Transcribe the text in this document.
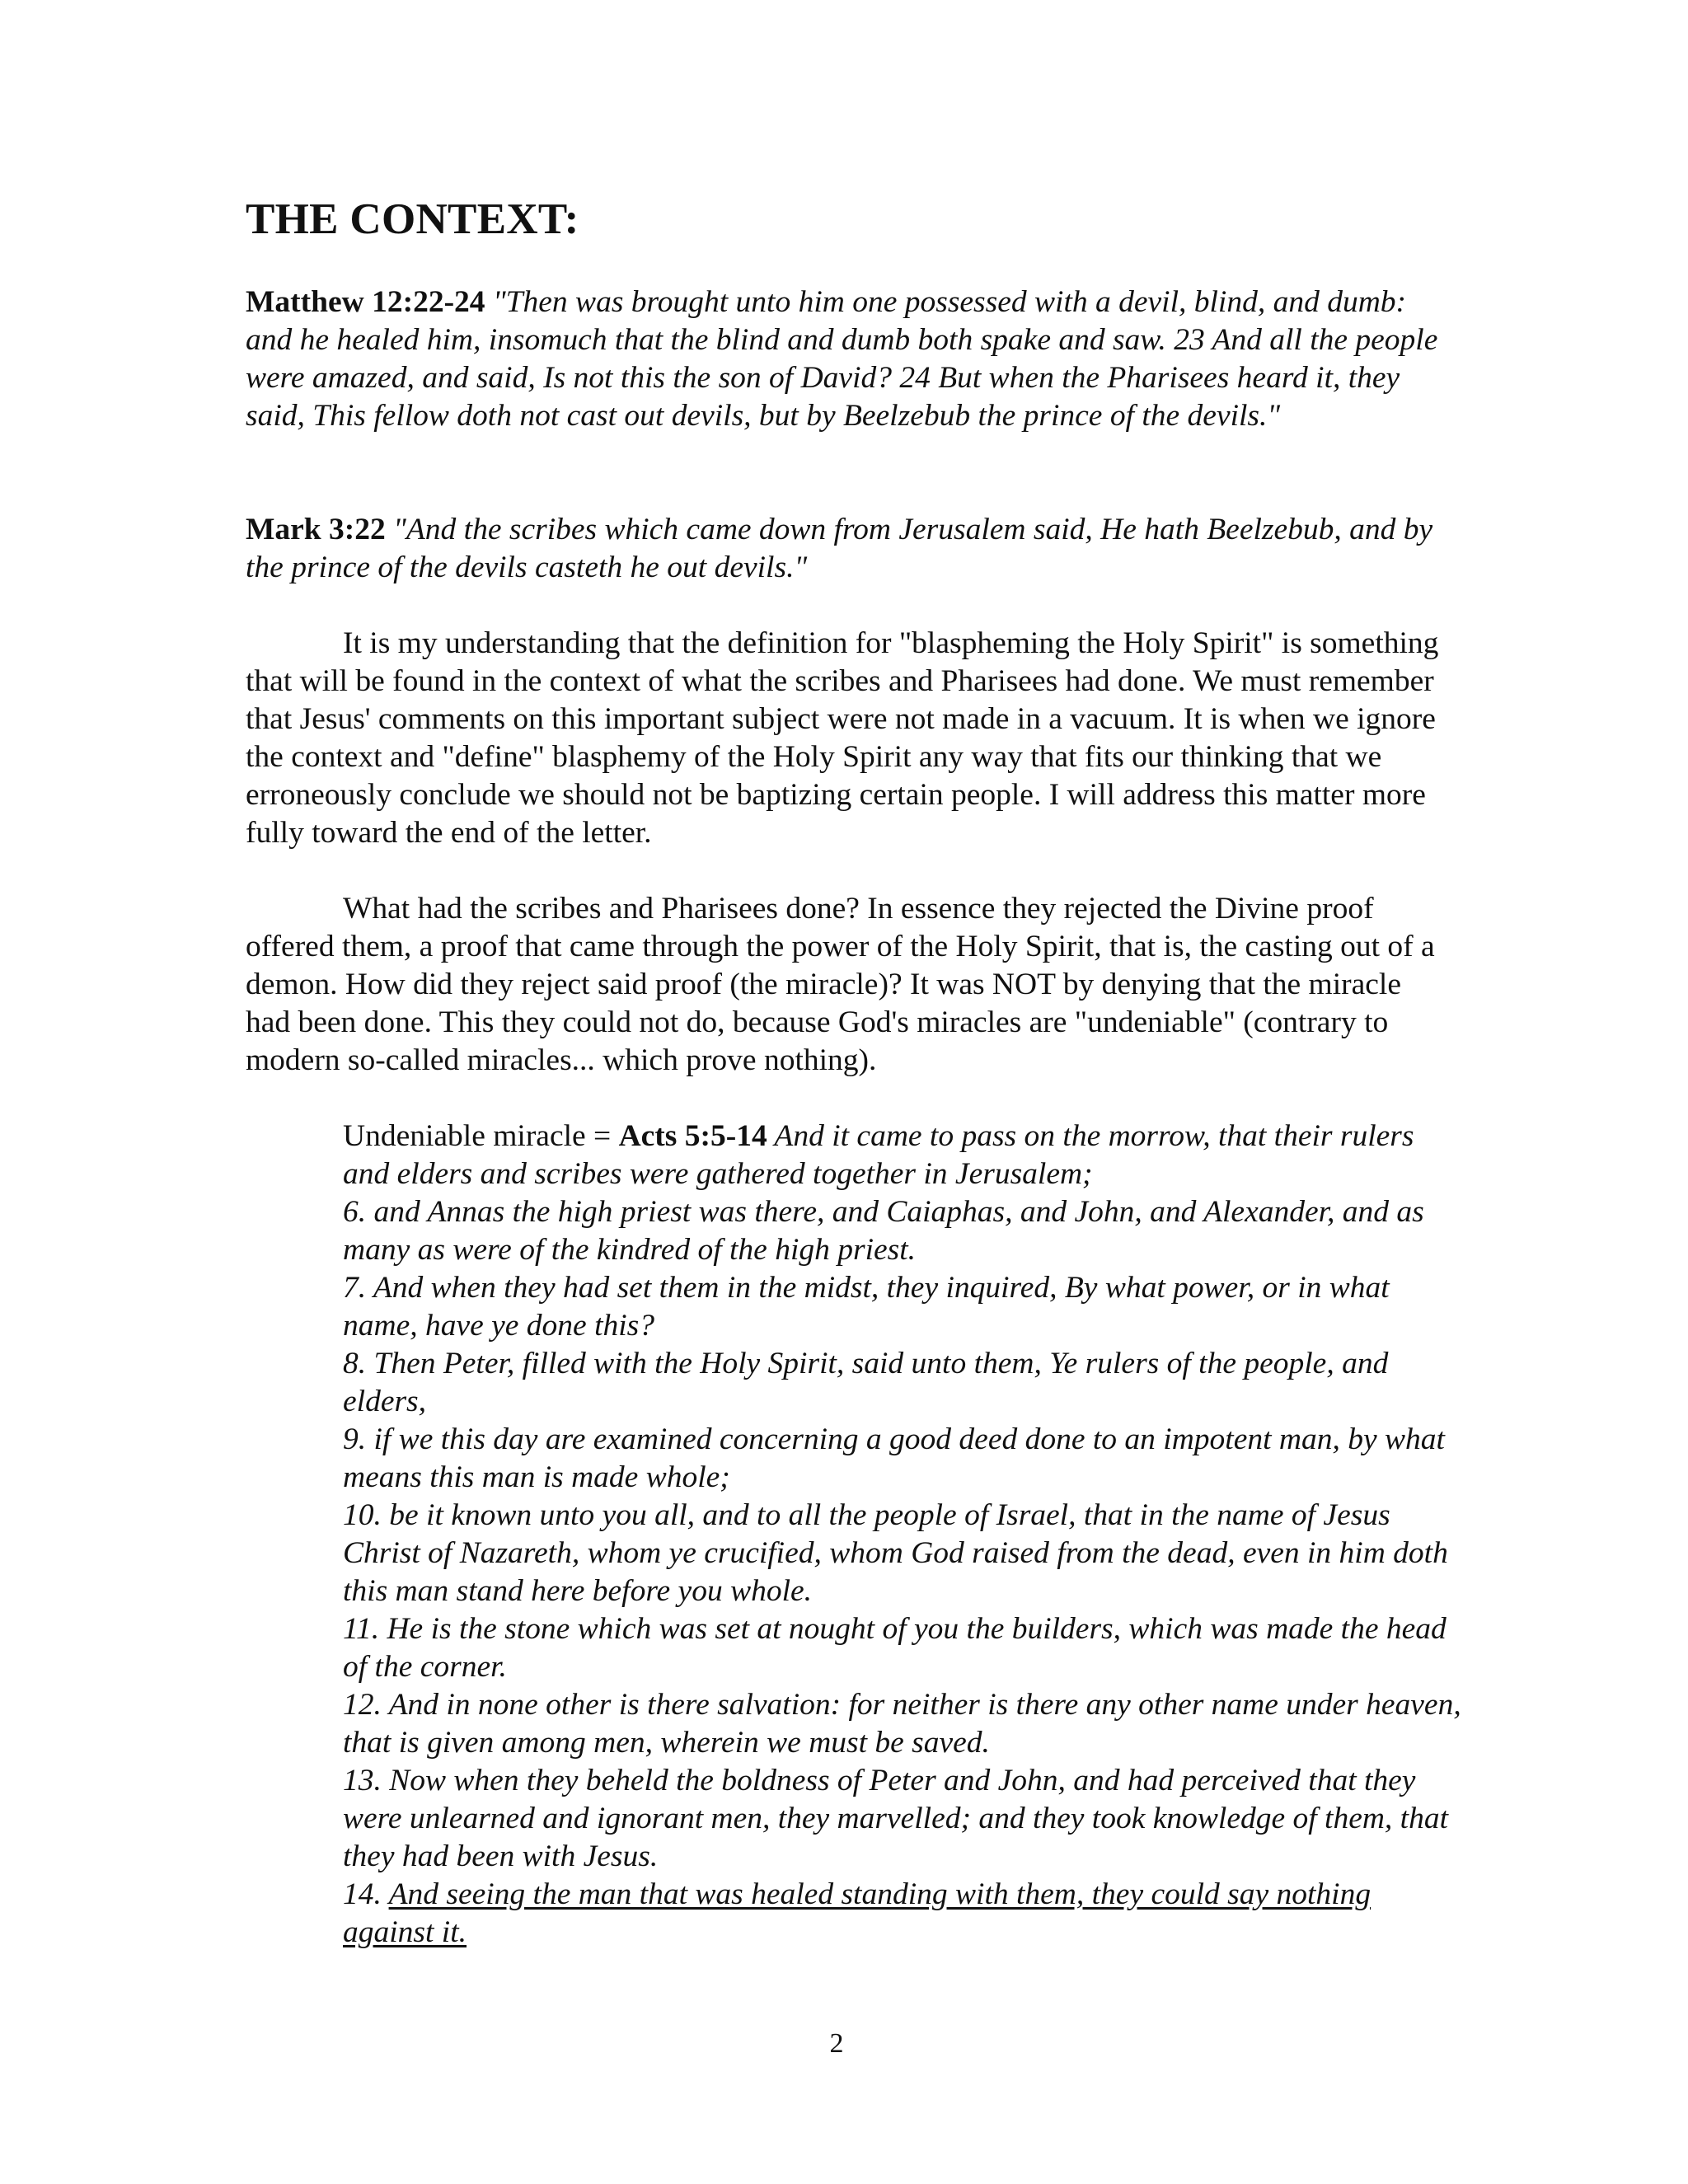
THE CONTEXT:

Matthew 12:22-24 "Then was brought unto him one possessed with a devil, blind, and dumb: and he healed him, insomuch that the blind and dumb both spake and saw. 23 And all the people were amazed, and said, Is not this the son of David? 24 But when the Pharisees heard it, they said, This fellow doth not cast out devils, but by Beelzebub the prince of the devils."

Mark 3:22 "And the scribes which came down from Jerusalem said, He hath Beelzebub, and by the prince of the devils casteth he out devils."

It is my understanding that the definition for "blaspheming the Holy Spirit" is something that will be found in the context of what the scribes and Pharisees had done. We must remember that Jesus' comments on this important subject were not made in a vacuum. It is when we ignore the context and "define" blasphemy of the Holy Spirit any way that fits our thinking that we erroneously conclude we should not be baptizing certain people. I will address this matter more fully toward the end of the letter.

What had the scribes and Pharisees done? In essence they rejected the Divine proof offered them, a proof that came through the power of the Holy Spirit, that is, the casting out of a demon. How did they reject said proof (the miracle)? It was NOT by denying that the miracle had been done. This they could not do, because God's miracles are "undeniable" (contrary to modern so-called miracles... which prove nothing).

Undeniable miracle = Acts 5:5-14 And it came to pass on the morrow, that their rulers and elders and scribes were gathered together in Jerusalem;
6. and Annas the high priest was there, and Caiaphas, and John, and Alexander, and as many as were of the kindred of the high priest.
7. And when they had set them in the midst, they inquired, By what power, or in what name, have ye done this?
8. Then Peter, filled with the Holy Spirit, said unto them, Ye rulers of the people, and elders,
9. if we this day are examined concerning a good deed done to an impotent man, by what means this man is made whole;
10. be it known unto you all, and to all the people of Israel, that in the name of Jesus Christ of Nazareth, whom ye crucified, whom God raised from the dead, even in him doth this man stand here before you whole.
11. He is the stone which was set at nought of you the builders, which was made the head of the corner.
12. And in none other is there salvation: for neither is there any other name under heaven, that is given among men, wherein we must be saved.
13. Now when they beheld the boldness of Peter and John, and had perceived that they were unlearned and ignorant men, they marvelled; and they took knowledge of them, that they had been with Jesus.
14. And seeing the man that was healed standing with them, they could say nothing against it.
2
